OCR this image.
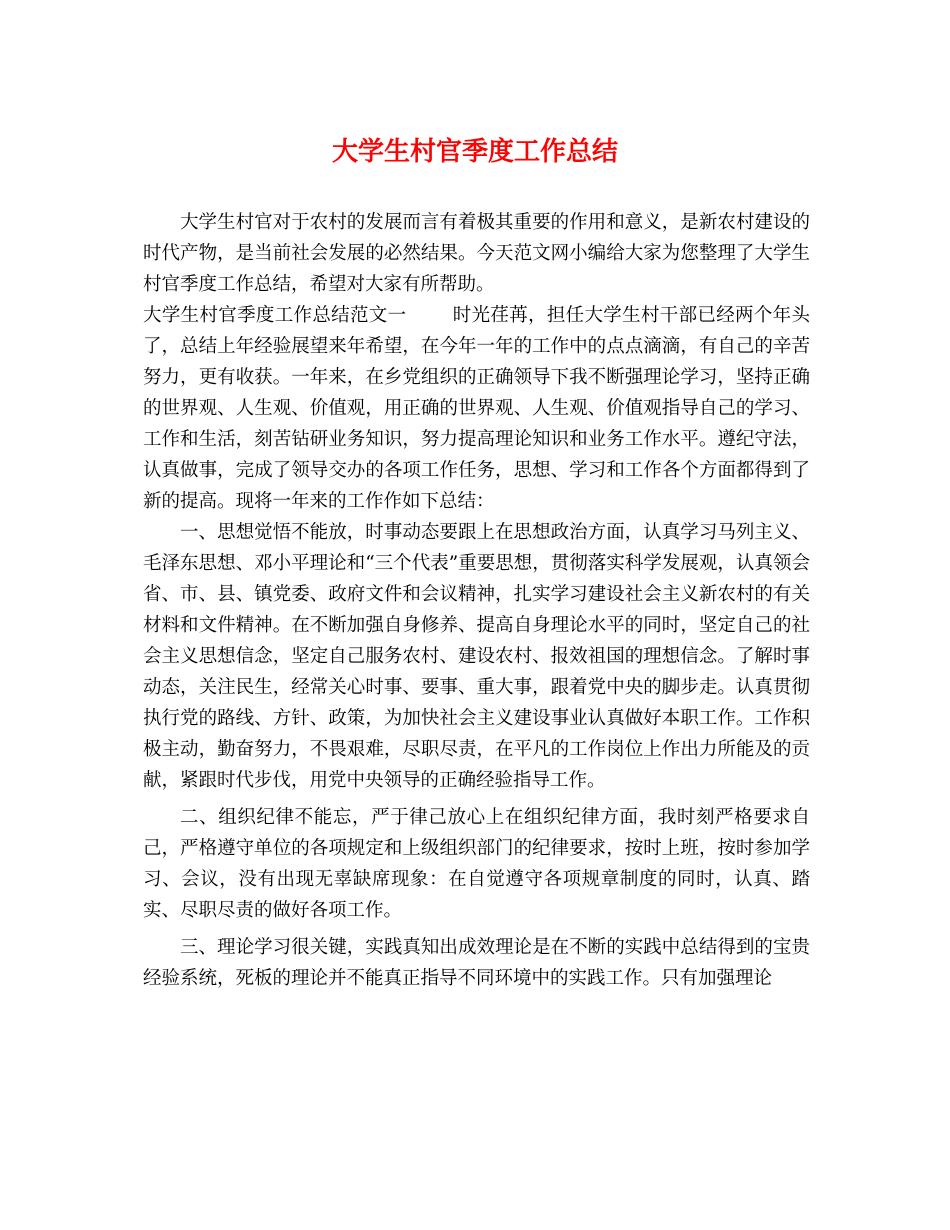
大学生村官季度工作总结

大学生村官对于农村的发展而言有着极其重要的作用和意义，是新农村建设的时代产物，是当前社会发展的必然结果。今天范文网小编给大家为您整理了大学生村官季度工作总结，希望对大家有所帮助。

大学生村官季度工作总结范文一 时光荏苒，担任大学生村干部已经两个年头了，总结上年经验展望来年希望，在今年一年的工作中的点点滴滴，有自己的辛苦努力，更有收获。一年来，在乡党组织的正确领导下我不断强理论学习，坚持正确的世界观、人生观、价值观，用正确的世界观、人生观、价值观指导自己的学习、工作和生活，刻苦钻研业务知识，努力提高理论知识和业务工作水平。遵纪守法，认真做事，完成了领导交办的各项工作任务，思想、学习和工作各个方面都得到了新的提高。现将一年来的工作作如下总结：

一、思想觉悟不能放，时事动态要跟上在思想政治方面，认真学习马列主义、毛泽东思想、邓小平理论和“三个代表”重要思想，贯彻落实科学发展观，认真领会省、市、县、镇党委、政府文件和会议精神，扎实学习建设社会主义新农村的有关材料和文件精神。在不断加强自身修养、提高自身理论水平的同时，坚定自己的社会主义思想信念，坚定自己服务农村、建设农村、报效祖国的理想信念。了解时事动态，关注民生，经常关心时事、要事、重大事，跟着党中央的脚步走。认真贯彻执行党的路线、方针、政策，为加快社会主义建设事业认真做好本职工作。工作积极主动，勤奋努力，不畏艰难，尽职尽责，在平凡的工作岗位上作出力所能及的贡献，紧跟时代步伐，用党中央领导的正确经验指导工作。

二、组织纪律不能忘，严于律己放心上在组织纪律方面，我时刻严格要求自己，严格遵守单位的各项规定和上级组织部门的纪律要求，按时上班，按时参加学习、会议，没有出现无辜缺席现象：在自觉遵守各项规章制度的同时，认真、踏实、尽职尽责的做好各项工作。

三、理论学习很关键，实践真知出成效理论是在不断的实践中总结得到的宝贵经验系统，死板的理论并不能真正指导不同环境中的实践工作。只有加强理论
